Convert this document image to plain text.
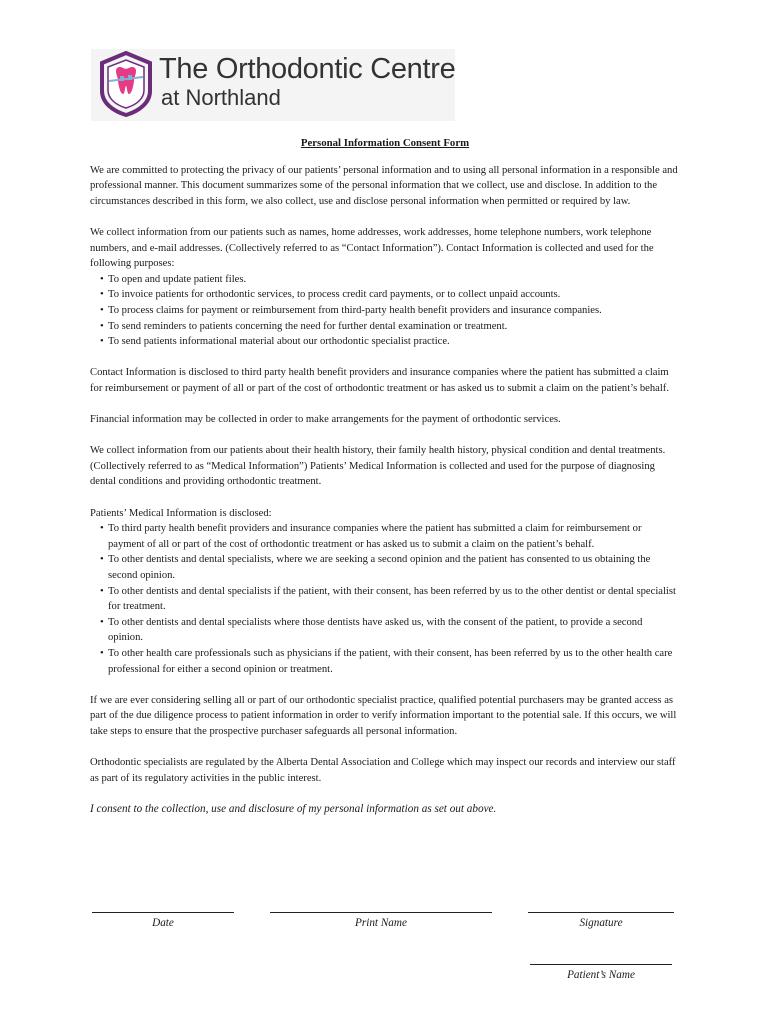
The Orthodontic Centre
at Northland
Personal Information Consent Form

We are committed to protecting the privacy of our patients’ personal information and to using all personal information in a responsible and professional manner. This document summarizes some of the personal information that we collect, use and disclose. In addition to the circumstances described in this form, we also collect, use and disclose personal information when permitted or required by law.

We collect information from our patients such as names, home addresses, work addresses, home telephone numbers, work telephone numbers, and e-mail addresses. (Collectively referred to as “Contact Information”). Contact Information is collected and used for the following purposes:

• To open and update patient files.
• To invoice patients for orthodontic services, to process credit card payments, or to collect unpaid accounts.
• To process claims for payment or reimbursement from third-party health benefit providers and insurance companies.
• To send reminders to patients concerning the need for further dental examination or treatment.
• To send patients informational material about our orthodontic specialist practice.

Contact Information is disclosed to third party health benefit providers and insurance companies where the patient has submitted a claim for reimbursement or payment of all or part of the cost of orthodontic treatment or has asked us to submit a claim on the patient’s behalf.

Financial information may be collected in order to make arrangements for the payment of orthodontic services.

We collect information from our patients about their health history, their family health history, physical condition and dental treatments. (Collectively referred to as “Medical Information”) Patients’ Medical Information is collected and used for the purpose of diagnosing dental conditions and providing orthodontic treatment.

Patients’ Medical Information is disclosed:

• To third party health benefit providers and insurance companies where the patient has submitted a claim for reimbursement or payment of all or part of the cost of orthodontic treatment or has asked us to submit a claim on the patient’s behalf.
• To other dentists and dental specialists, where we are seeking a second opinion and the patient has consented to us obtaining the second opinion.
• To other dentists and dental specialists if the patient, with their consent, has been referred by us to the other dentist or dental specialist for treatment.
• To other dentists and dental specialists where those dentists have asked us, with the consent of the patient, to provide a second opinion.
• To other health care professionals such as physicians if the patient, with their consent, has been referred by us to the other health care professional for either a second opinion or treatment.

If we are ever considering selling all or part of our orthodontic specialist practice, qualified potential purchasers may be granted access as part of the due diligence process to patient information in order to verify information important to the potential sale. If this occurs, we will take steps to ensure that the prospective purchaser safeguards all personal information.

Orthodontic specialists are regulated by the Alberta Dental Association and College which may inspect our records and interview our staff as part of its regulatory activities in the public interest.

I consent to the collection, use and disclosure of my personal information as set out above.

Date	Print Name	Signature
Patient’s Name
